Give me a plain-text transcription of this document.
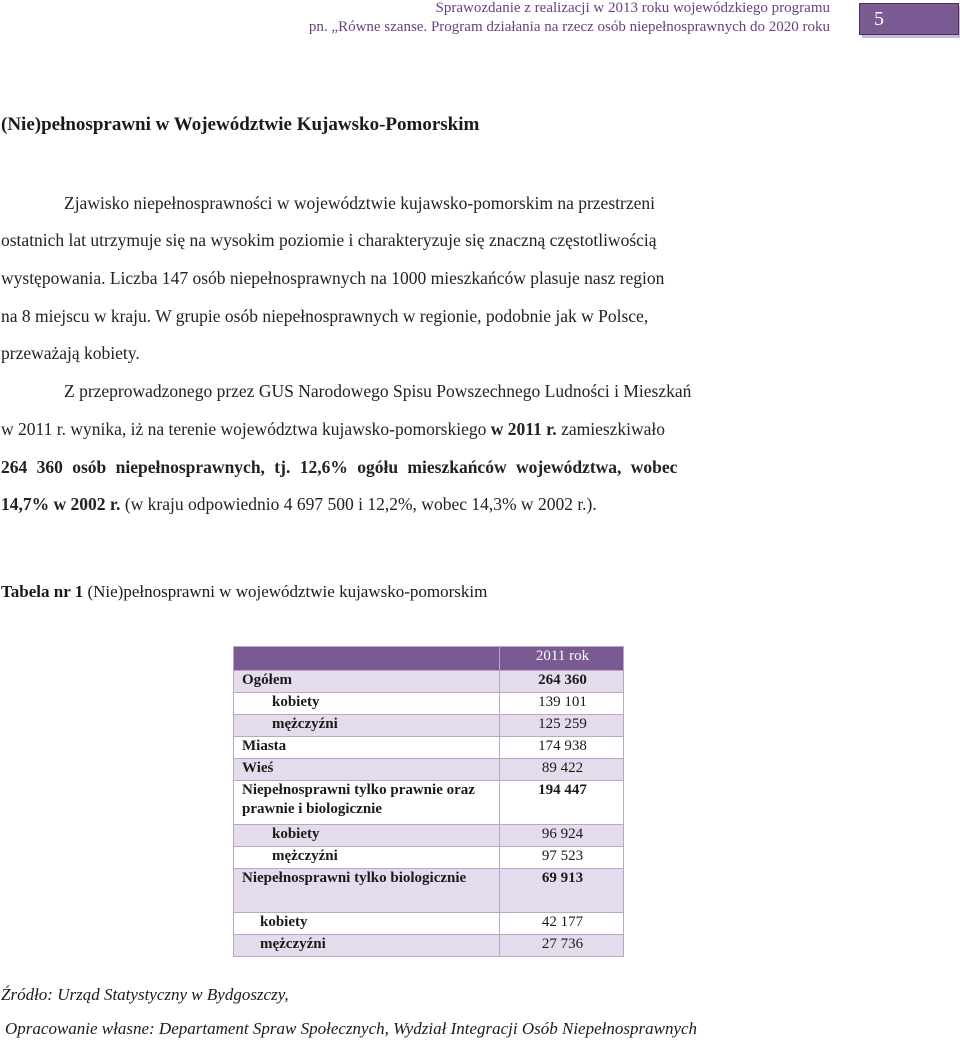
Sprawozdanie z realizacji w 2013 roku wojewódzkiego programu
pn. „Równe szanse. Program działania na rzecz osób niepełnosprawnych do 2020 roku	5
(Nie)pełnosprawni w Województwie Kujawsko-Pomorskim
Zjawisko niepełnosprawności w województwie kujawsko-pomorskim na przestrzeni
ostatnich lat utrzymuje się na wysokim poziomie i charakteryzuje się znaczną częstotliwością
występowania. Liczba 147 osób niepełnosprawnych na 1000 mieszkańców plasuje nasz region
na 8 miejscu w kraju. W grupie osób niepełnosprawnych w regionie, podobnie jak w Polsce,
przeważają kobiety.
Z przeprowadzonego przez GUS Narodowego Spisu Powszechnego Ludności i Mieszkań
w 2011 r. wynika, iż na terenie województwa kujawsko-pomorskiego w 2011 r. zamieszkiwało
264 360 osób niepełnosprawnych, tj. 12,6% ogółu mieszkańców województwa, wobec
14,7% w 2002 r. (w kraju odpowiednio 4 697 500 i 12,2%, wobec 14,3% w 2002 r.).
Tabela nr 1 (Nie)pełnosprawni w województwie kujawsko-pomorskim
	2011 rok
Ogółem	264 360
kobiety	139 101
mężczyźni	125 259
Miasta	174 938
Wieś	89 422
Niepełnosprawni tylko prawnie oraz prawnie i biologicznie	194 447
kobiety	96 924
mężczyźni	97 523
Niepełnosprawni tylko biologicznie	69 913
kobiety	42 177
mężczyźni	27 736
Źródło: Urząd Statystyczny w Bydgoszczy,
Opracowanie własne: Departament Spraw Społecznych, Wydział Integracji Osób Niepełnosprawnych
